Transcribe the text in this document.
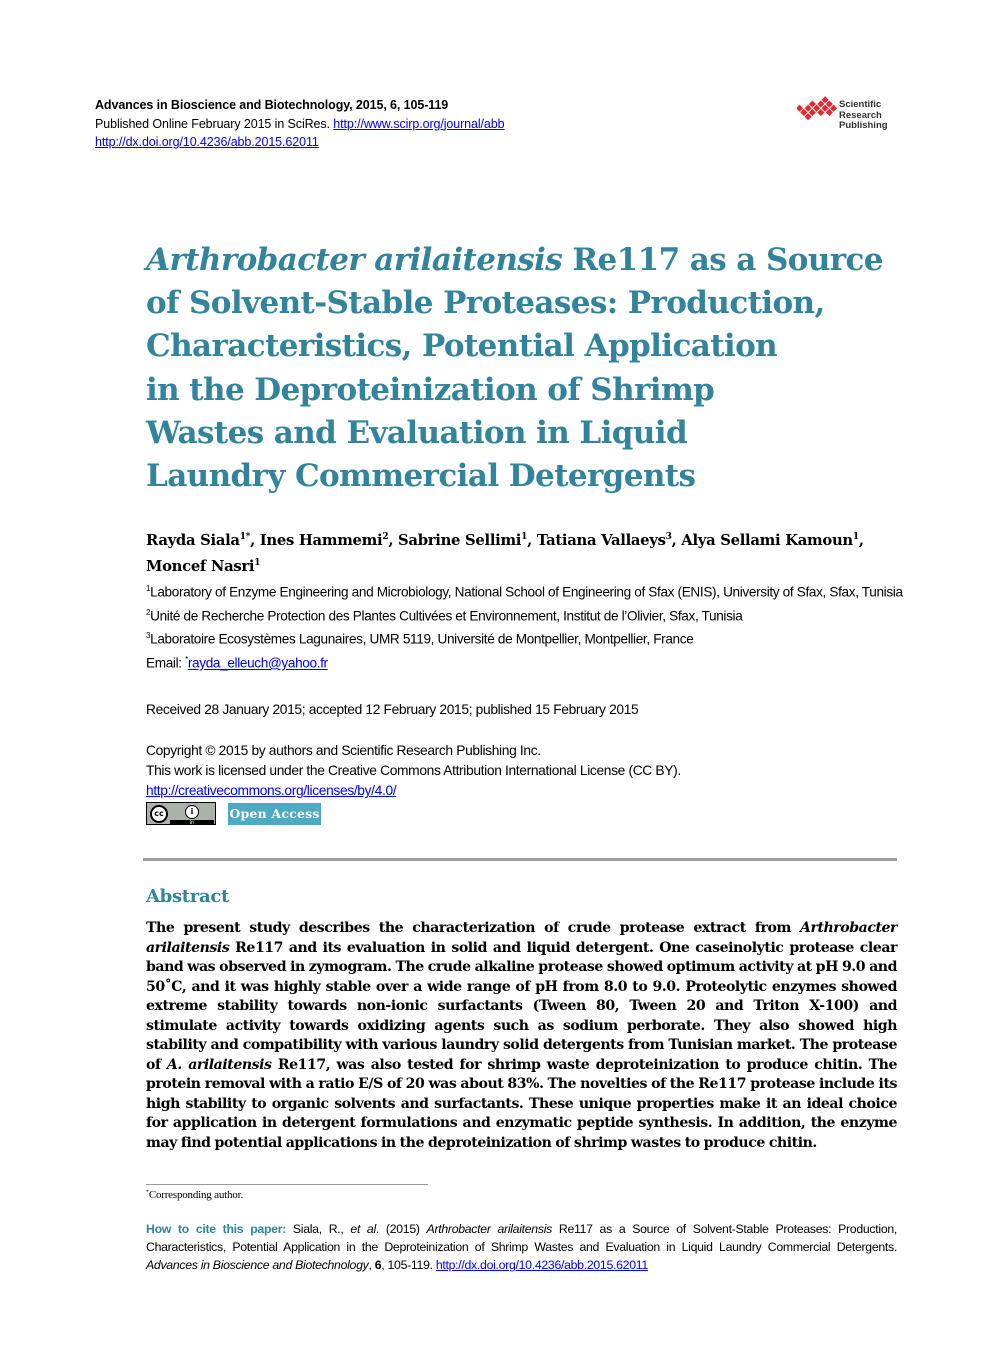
Advances in Bioscience and Biotechnology, 2015, 6, 105-119
Published Online February 2015 in SciRes. http://www.scirp.org/journal/abb
http://dx.doi.org/10.4236/abb.2015.62011
Scientific
Research
Publishing
Arthrobacter arilaitensis Re117 as a Source
of Solvent-Stable Proteases: Production,
Characteristics, Potential Application
in the Deproteinization of Shrimp
Wastes and Evaluation in Liquid
Laundry Commercial Detergents
Rayda Siala$^{1*}$, Ines Hammemi$^2$, Sabrine Sellimi$^1$, Tatiana Vallaeys$^3$, Alya Sellami Kamoun$^1$,
Moncef Nasri$^1$
$^1$Laboratory of Enzyme Engineering and Microbiology, National School of Engineering of Sfax (ENIS), University of Sfax, Sfax, Tunisia
$^2$Unité de Recherche Protection des Plantes Cultivées et Environnement, Institut de l’Olivier, Sfax, Tunisia
$^3$Laboratoire Ecosystèmes Lagunaires, UMR 5119, Université de Montpellier, Montpellier, France
Email: *rayda_elleuch@yahoo.fr
Received 28 January 2015; accepted 12 February 2015; published 15 February 2015
Copyright © 2015 by authors and Scientific Research Publishing Inc.
This work is licensed under the Creative Commons Attribution International License (CC BY).
http://creativecommons.org/licenses/by/4.0/
cc	i
BY
Open Access
Abstract
The present study describes the characterization of crude protease extract from Arthrobacter arilaitensis Re117 and its evaluation in solid and liquid detergent. One caseinolytic protease clear band was observed in zymogram. The crude alkaline protease showed optimum activity at pH 9.0 and 50˚C, and it was highly stable over a wide range of pH from 8.0 to 9.0. Proteolytic enzymes showed extreme stability towards non-ionic surfactants (Tween 80, Tween 20 and Triton X-100) and stimulate activity towards oxidizing agents such as sodium perborate. They also showed high stability and compatibility with various laundry solid detergents from Tunisian market. The protease of A. arilaitensis Re117, was also tested for shrimp waste deproteinization to produce chitin. The protein removal with a ratio E/S of 20 was about 83%. The novelties of the Re117 protease include its high stability to organic solvents and surfactants. These unique properties make it an ideal choice for application in detergent formulations and enzymatic peptide synthesis. In addition, the enzyme may find potential applications in the deproteinization of shrimp wastes to produce chitin.
*Corresponding author.
How to cite this paper: Siala, R., et al. (2015) Arthrobacter arilaitensis Re117 as a Source of Solvent-Stable Proteases: Production, Characteristics, Potential Application in the Deproteinization of Shrimp Wastes and Evaluation in Liquid Laundry Commercial Detergents. Advances in Bioscience and Biotechnology, 6, 105-119. http://dx.doi.org/10.4236/abb.2015.62011
